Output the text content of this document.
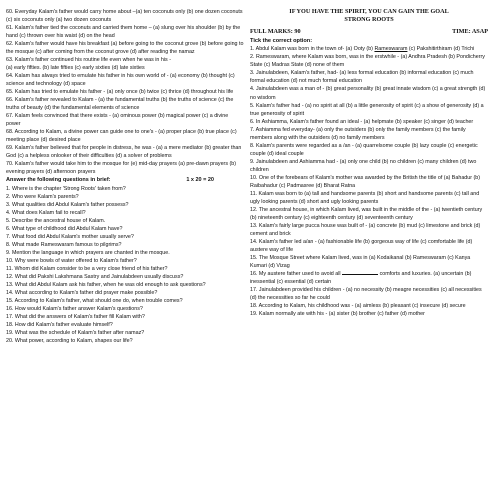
60. Everyday Kalam's father would carry home about –(a) ten coconuts only (b) one dozen coconuts (c) six coconuts only (a) two dozen coconuts

61. Kalam's father tied the coconuts and carried them home – (a) slung over his shoulder (b) by the hand (c) thrown over his waist (d) on the head

62. Kalam's father would have his breakfast (a) before going to the coconut grove (b) before going to the mosque (c) after coming from the coconut grove (d) after reading the namaz

63. Kalam's father continued his routine life even when he was in his -

(a) early fifties. (b) late fifties (c) early sixties (d) late sixties

64. Kalam has always tried to emulate his father in his own world of - (a) economy (b) thought (c) science and technology (d) space

65. Kalam has tried to emulate his father - (a) only once (b) twice (c) thrice (d) throughout his life

66. Kalam's father revealed to Kalam - (a) the fundamental truths (b) the truths of science (c) the truths of beauty (d) the fundamental elements of science

67. Kalam feels convinced that there exists - (a) ominous power (b) magical power (c) a divine power

68. According to Kalam, a divine power can guide one to one's - (a) proper place (b) true place (c) meeting place (d) desired place

69. Kalam's father believed that for people in distress, he was - (a) a mere mediator (b) greater than God (c) a helpless onlooker of their difficulties (d) a solver of problems

70. Kalam's father would take him to the mosque for (e) mid-day prayers (a) pre-dawn prayers (b) evening prayers (d) afternoon prayers

Answer the following questions in brief:	1 x 20 = 20

1. Where is the chapter 'Strong Roots' taken from?

2. Who were Kalam's parents?

3. What qualities did Abdul Kalam's father possess?

4. What does Kalam fail to recall?

5. Describe the ancestral house of Kalam.

6. What type of childhood did Abdul Kalam have?

7. What food did Abdul Kalam's mother usually serve?

8. What made Rameswaram famous to pilgrims?

9. Mention the language in which prayers are chanted in the mosque.

10. Why were bowls of water offered to Kalam's father?

11. Whom did Kalam consider to be a very close friend of his father?

12. What did Pakshi Lakshmana Sastry and Jainulabdeen usually discuss?

13. What did Abdul Kalam ask his father, when he was old enough to ask questions?

14. What according to Kalam's father did prayer make possible?

15. According to Kalam's father, what should one do, when trouble comes?

16. How would Kalam's father answer Kalam's questions?

17. What did the answers of Kalam's father fill Kalam with?

18. How did Kalam's father evaluate himself?

19. What was the schedule of Kalam's father after namaz?

20. What power, according to Kalam, shapes our life?

IF YOU HAVE THE SPIRIT, YOU CAN GAIN THE GOAL
STRONG ROOTS
FULL MARKS: 90	TIME: ASAP

Tick the correct option:

1. Abdul Kalam was born in the town of- (a) Ooty (b) Rameswaram (c) Pakshitirthiram (d) Trichi

2. Rameswaram, where Kalam was born, was in the erstwhile - (a) Andhra Pradesh (b) Pondicherry State (c) Madras State (d) none of them

3. Jainulabdeen, Kalam's father, had- (a) less formal education (b) informal education (c) much formal education (d) not much formal education

4. Jainulabdeen was a man of - (b) great personality (b) great innate wisdom (c) a great strength (d) no wisdom

5. Kalam's father had - (a) no spirit at all (b) a little generosity of spirit (c) a show of generosity (d) a true generosity of spirit

6. In Ashiamma, Kalam's father found an ideal - (a) helpmate (b) speaker (c) singer (d) teacher

7. Ashiamma fed everyday- (a) only the outsiders (b) only the family members (c) the family members along with the outsiders (d) no family members

8. Kalam's parents were regarded as a /an - (a) quarrelsome couple (b) lazy couple (c) energetic couple (d) ideal couple

9. Jainulabdeen and Ashiamma had - (a) only one child (b) no children (c) many children (d) two children

10. One of the forebears of Kalam's mother was awarded by the British the title of (a) Bahadur (b) Raibahadur (c) Padmasree (d) Bharat Ratna

11. Kalam was born to (a) tall and handsome parents (b) short and handsome parents (c) tall and ugly looking parents (d) short and ugly looking parents

12. The ancestral house, in which Kalam lived, was built in the middle of the - (a) twentieth century (b) nineteenth century (c) eighteenth century (d) seventeenth century

13. Kalam's fairly large pucca house was built of - (a) concrete (b) mud (c) limestone and brick (d) cement and brick

14. Kalam's father led a/an - (a) fashionable life (b) gorgeous way of life (c) comfortable life (d) austere way of life

15. The Mosque Street where Kalam lived, was in (a) Kodaikanal (b) Rameswaram (c) Kanya Kumari (d) Vizag

16. My austere father used to avoid all	comforts and luxuries. (a) uncertain (b) inessential (c) essential (d) certain

17. Jainulabdeen provided his children - (a) no necessity (b) meagre necessities (c) all necessities (d) the necessities so far he could

18. According to Kalam, his childhood was - (a) aimless (b) pleasant (c) insecure (d) secure

19. Kalam normally ate with his - (a) sister (b) brother (c) father (d) mother
